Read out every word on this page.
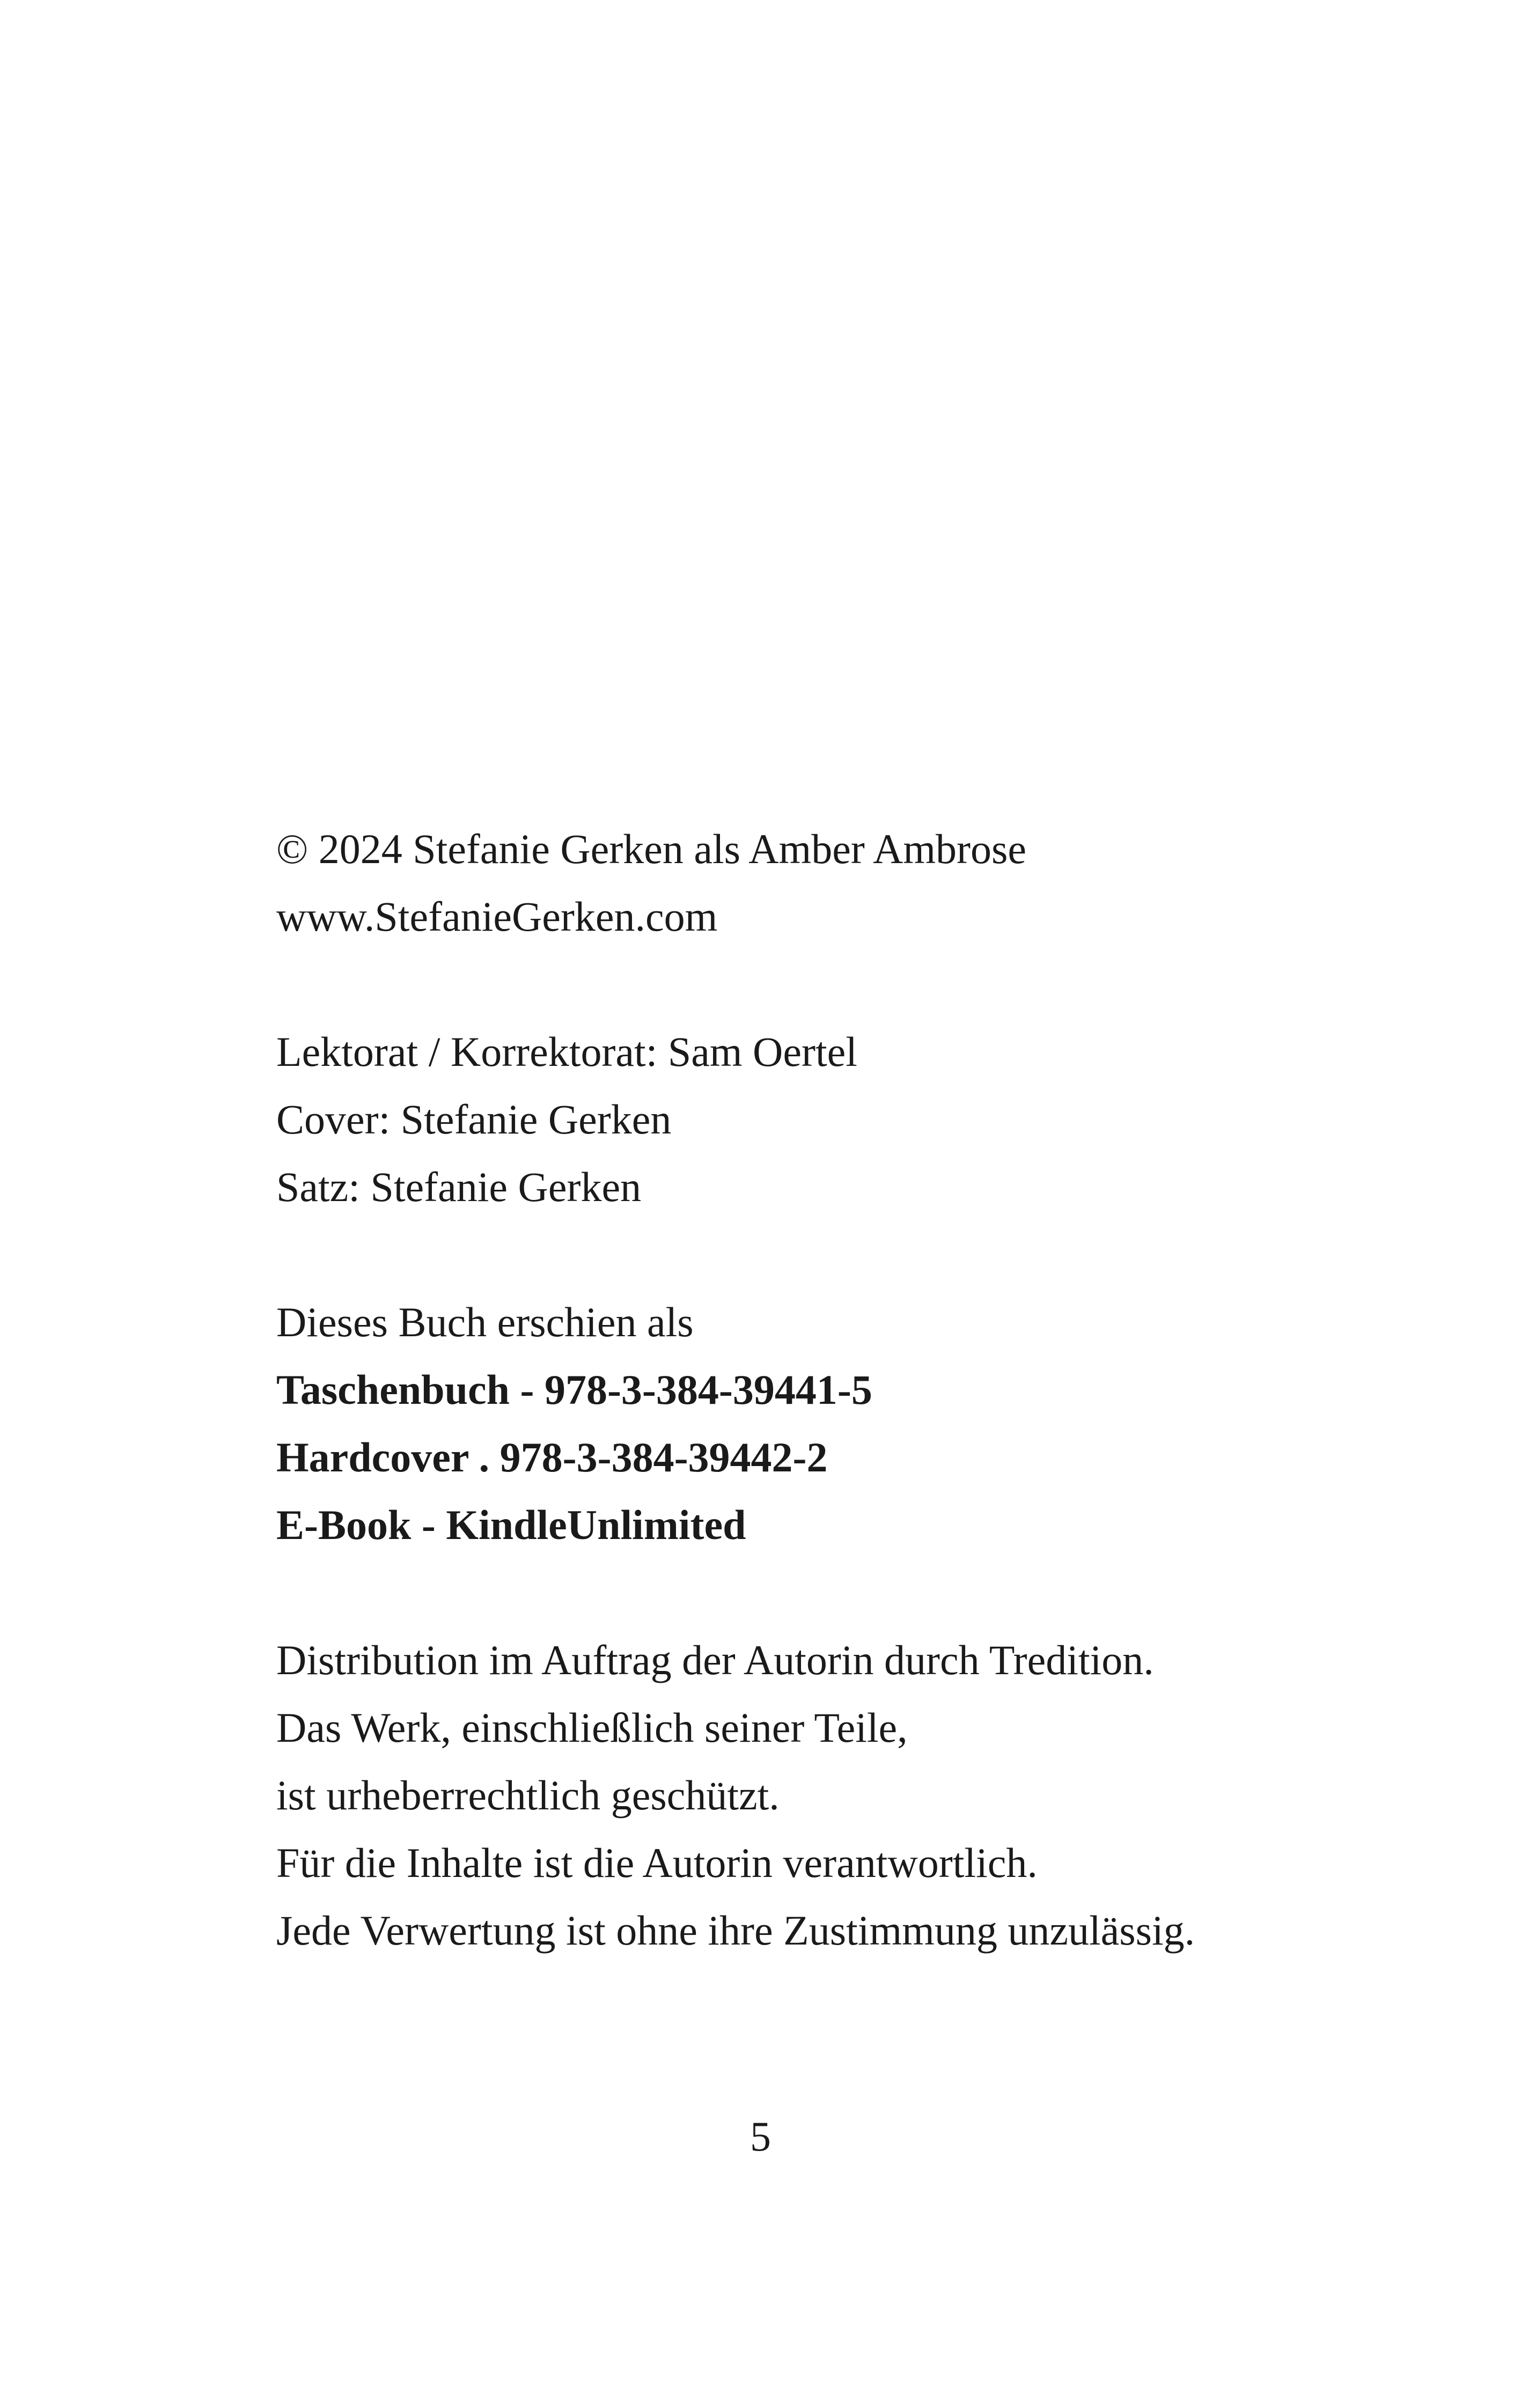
© 2024 Stefanie Gerken als Amber Ambrose
www.StefanieGerken.com
Lektorat / Korrektorat: Sam Oertel
Cover: Stefanie Gerken
Satz: Stefanie Gerken
Dieses Buch erschien als
Taschenbuch - 978-3-384-39441-5
Hardcover . 978-3-384-39442-2
E-Book - KindleUnlimited
Distribution im Auftrag der Autorin durch Tredition.
Das Werk, einschließlich seiner Teile,
ist urheberrechtlich geschützt.
Für die Inhalte ist die Autorin verantwortlich.
Jede Verwertung ist ohne ihre Zustimmung unzulässig.
5
